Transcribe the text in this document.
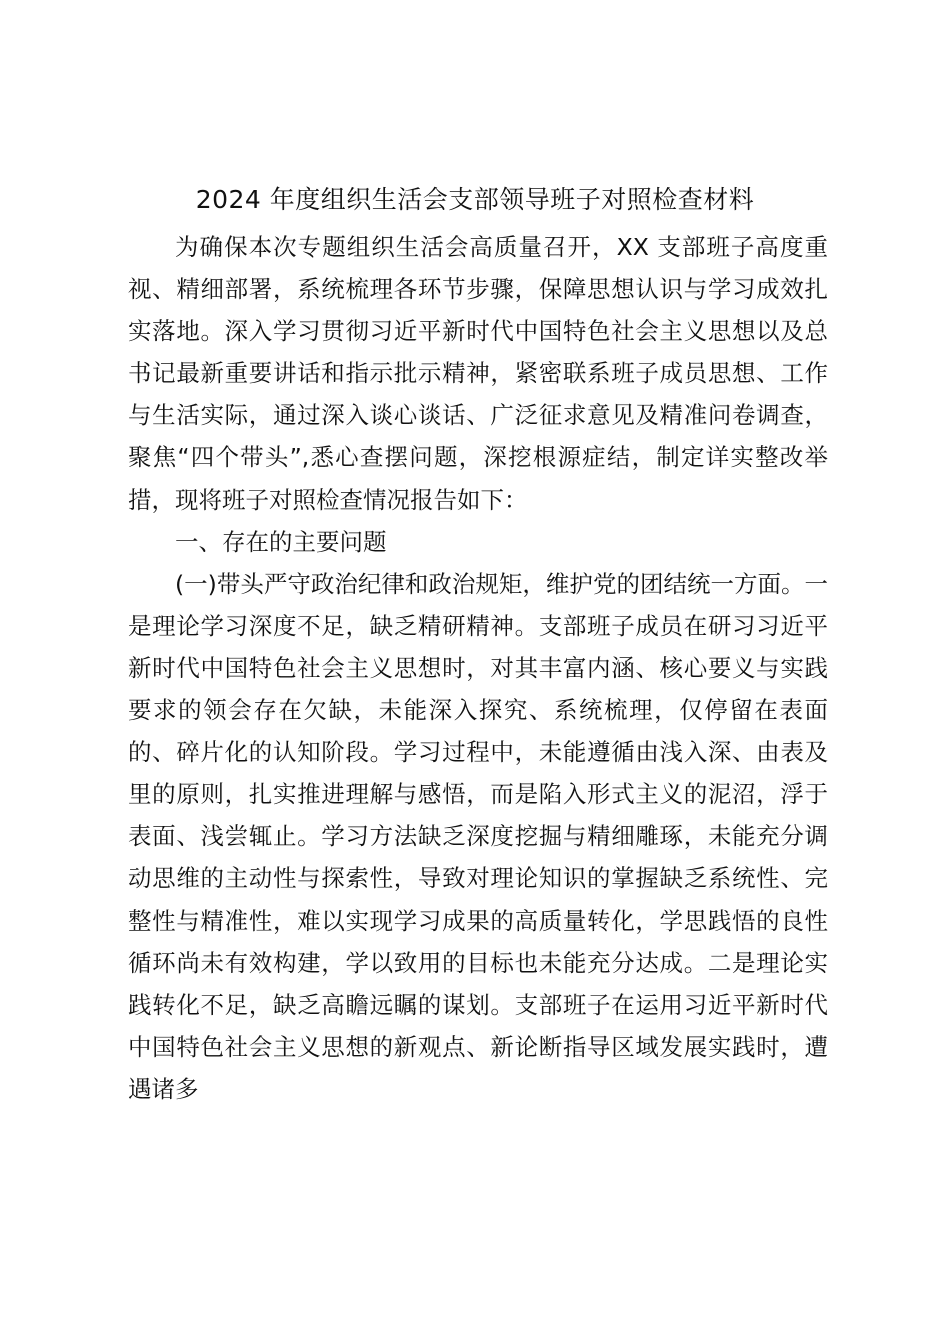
2024 年度组织生活会支部领导班子对照检查材料

为确保本次专题组织生活会高质量召开，XX 支部班子高度重视、精细部署，系统梳理各环节步骤，保障思想认识与学习成效扎实落地。深入学习贯彻习近平新时代中国特色社会主义思想以及总书记最新重要讲话和指示批示精神，紧密联系班子成员思想、工作与生活实际，通过深入谈心谈话、广泛征求意见及精准问卷调查，聚焦“四个带头”,悉心查摆问题，深挖根源症结，制定详实整改举措，现将班子对照检查情况报告如下：

一、存在的主要问题

(一)带头严守政治纪律和政治规矩，维护党的团结统一方面。一是理论学习深度不足，缺乏精研精神。支部班子成员在研习习近平新时代中国特色社会主义思想时，对其丰富内涵、核心要义与实践要求的领会存在欠缺，未能深入探究、系统梳理，仅停留在表面的、碎片化的认知阶段。学习过程中，未能遵循由浅入深、由表及里的原则，扎实推进理解与感悟，而是陷入形式主义的泥沼，浮于表面、浅尝辄止。学习方法缺乏深度挖掘与精细雕琢，未能充分调动思维的主动性与探索性，导致对理论知识的掌握缺乏系统性、完整性与精准性，难以实现学习成果的高质量转化，学思践悟的良性循环尚未有效构建，学以致用的目标也未能充分达成。二是理论实践转化不足，缺乏高瞻远瞩的谋划。支部班子在运用习近平新时代中国特色社会主义思想的新观点、新论断指导区域发展实践时，遭遇诸多
